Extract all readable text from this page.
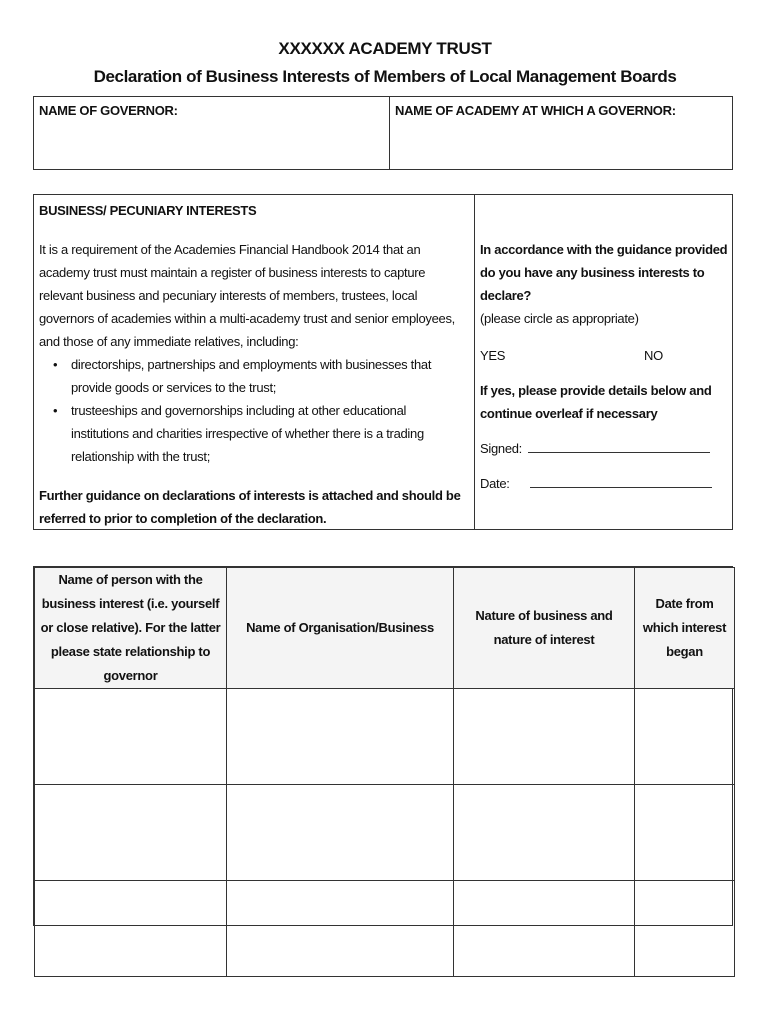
XXXXXX ACADEMY TRUST
Declaration of Business Interests of Members of Local Management Boards
NAME OF GOVERNOR:	NAME OF ACADEMY AT WHICH A GOVERNOR:
BUSINESS/ PECUNIARY INTERESTS
It is a requirement of the Academies Financial Handbook 2014 that an academy trust must maintain a register of business interests to capture relevant business and pecuniary interests of members, trustees, local governors of academies within a multi-academy trust and senior employees, and those of any immediate relatives, including:
• directorships, partnerships and employments with businesses that provide goods or services to the trust;
• trusteeships and governorships including at other educational institutions and charities irrespective of whether there is a trading relationship with the trust;
Further guidance on declarations of interests is attached and should be referred to prior to completion of the declaration.
In accordance with the guidance provided do you have any business interests to declare?
(please circle as appropriate)
YES	NO
If yes, please provide details below and continue overleaf if necessary
Signed:
Date:
Name of person with the business interest (i.e. yourself or close relative). For the latter please state relationship to governor	Name of Organisation/Business	Nature of business and nature of interest	Date from which interest began
